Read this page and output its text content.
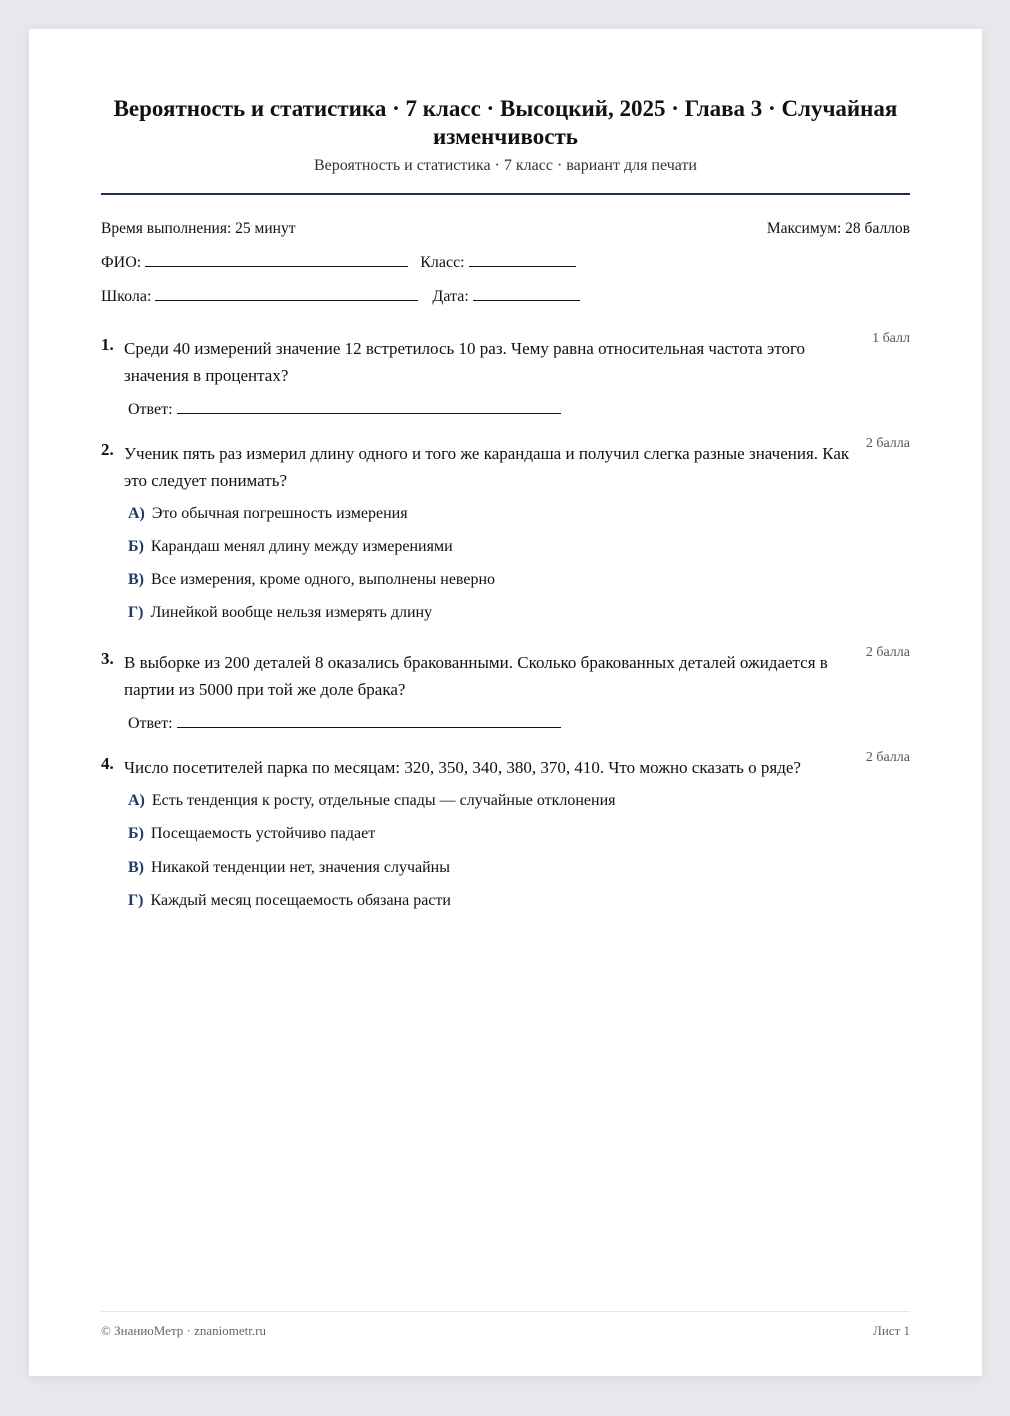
Вероятность и статистика · 7 класс · Высоцкий, 2025 · Глава 3 · Случайная изменчивость
Вероятность и статистика · 7 класс · вариант для печати
Время выполнения: 25 минут	Максимум: 28 баллов
ФИО:	Класс:
Школа:	Дата:
1. Среди 40 измерений значение 12 встретилось 10 раз. Чему равна относительная частота этого значения в процентах?
1 балл
Ответ:
2. Ученик пять раз измерил длину одного и того же карандаша и получил слегка разные значения. Как это следует понимать?
2 балла
А) Это обычная погрешность измерения
Б) Карандаш менял длину между измерениями
В) Все измерения, кроме одного, выполнены неверно
Г) Линейкой вообще нельзя измерять длину
3. В выборке из 200 деталей 8 оказались бракованными. Сколько бракованных деталей ожидается в партии из 5000 при той же доле брака?
2 балла
Ответ:
4. Число посетителей парка по месяцам: 320, 350, 340, 380, 370, 410. Что можно сказать о ряде?
2 балла
А) Есть тенденция к росту, отдельные спады — случайные отклонения
Б) Посещаемость устойчиво падает
В) Никакой тенденции нет, значения случайны
Г) Каждый месяц посещаемость обязана расти
© ЗнаниоМетр · znaniometr.ru	Лист 1
